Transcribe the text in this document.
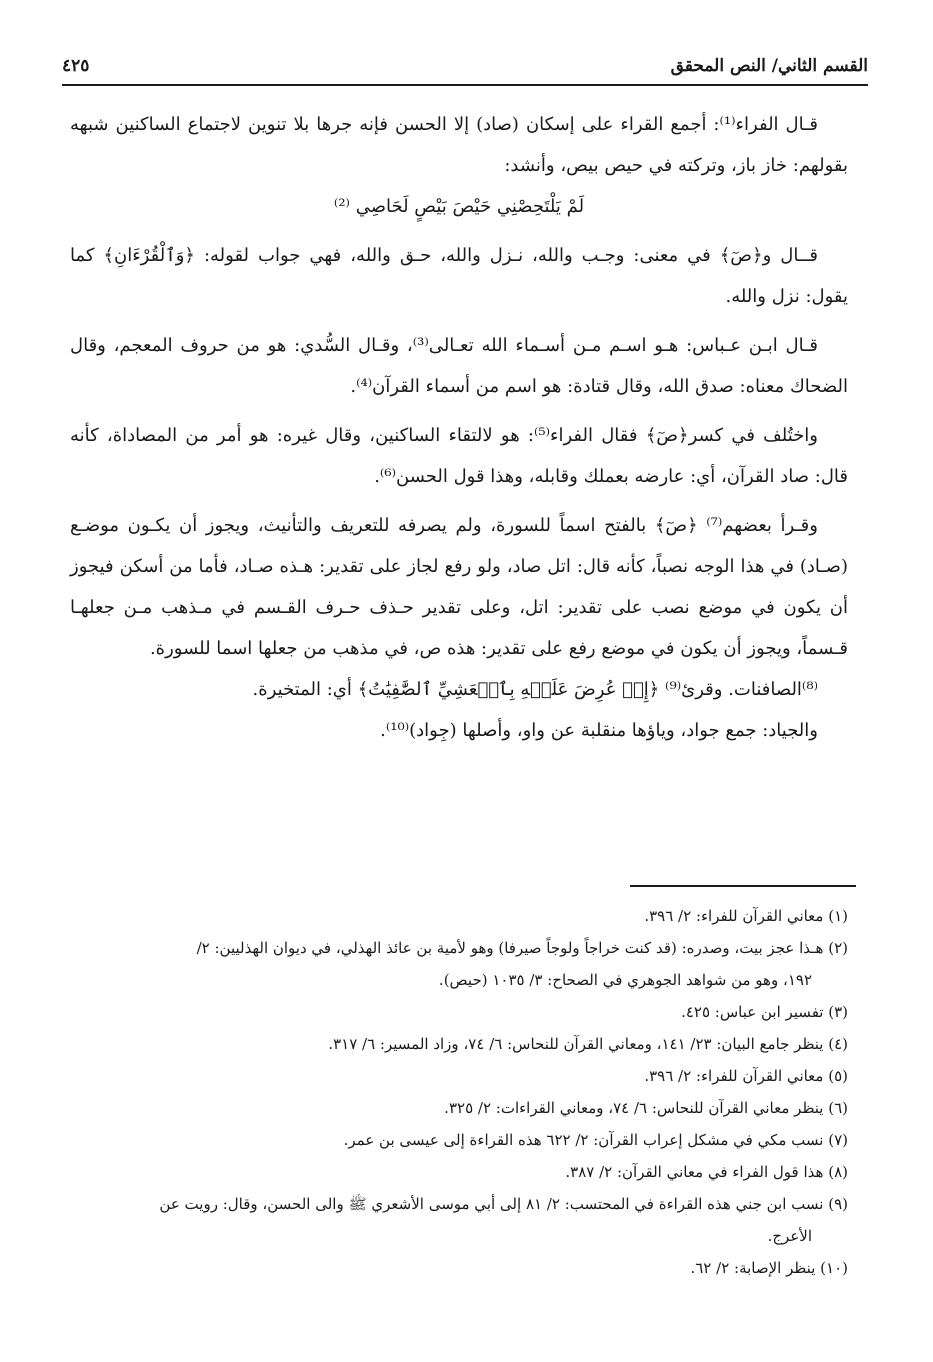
القسم الثاني/ النص المحقق
٤٢٥

قـال الفراء⁽¹⁾: أجمع القراء على إسكان (صاد) إلا الحسن فإنه جرها بلا تنوين لاجتماع الساكنين شبهه بقولهم: خاز باز، وتركته في حيص بيص، وأنشد:

لَمْ يَلْتَحِصْنِي حَيْصَ بَيْصٍ لَحَاصِي ⁽²⁾

قــال و﴿صٓ﴾ في معنى: وجـب والله، نـزل والله، حـق والله، فهي جواب لقوله: ﴿وَٱلْقُرْءَانِ﴾ كما يقول: نزل والله.

قـال ابـن عـباس: هـو اسـم مـن أسـماء الله تعـالى⁽³⁾، وقـال السُّدي: هو من حروف المعجم، وقال الضحاك معناه: صدق الله، وقال قتادة: هو اسم من أسماء القرآن⁽⁴⁾.

واختُلف في كسر﴿صٓ﴾ فقال الفراء⁽⁵⁾: هو لالتقاء الساكنين، وقال غيره: هو أمر من المصاداة، كأنه قال: صاد القرآن، أي: عارضه بعملك وقابله، وهذا قول الحسن⁽⁶⁾.

وقـرأ بعضهم⁽⁷⁾ ﴿صٓ﴾ بالفتح اسماً للسورة، ولم يصرفه للتعريف والتأنيث، ويجوز أن يكـون موضـع (صـاد) في هذا الوجه نصباً، كأنه قال: اتل صاد، ولو رفع لجاز على تقدير: هـذه صـاد، فأما من أسكن فيجوز أن يكون في موضع نصب على تقدير: اتل، وعلى تقدير حـذف حـرف القـسم في مـذهب مـن جعلهـا قـسماً، ويجوز أن يكون في موضع رفع على تقدير: هذه ص، في مذهب من جعلها اسما للسورة.

⁽⁸⁾الصافنات. وقرئ⁽⁹⁾ ﴿إِذۡ عُرِضَ عَلَيۡهِ بِٱلۡعَشِيِّ ٱلصَّٰفِيَٰتُ﴾ أي: المتخيرة.

والجياد: جمع جواد، وياؤها منقلبة عن واو، وأصلها (جِواد)⁽¹⁰⁾.

(١) معاني القرآن للفراء: ٢/ ٣٩٦.

(٢) هـذا عجز بيت، وصدره: (قد كنت خراجاً ولوجاً صيرفا) وهو لأمية بن عائذ الهذلي، في ديوان الهذليين: ٢/

١٩٢، وهو من شواهد الجوهري في الصحاح: ٣/ ١٠٣٥ (حيص).

(٣) تفسير ابن عباس: ٤٢٥.

(٤) ينظر جامع البيان: ٢٣/ ١٤١، ومعاني القرآن للنحاس: ٦/ ٧٤، وزاد المسير: ٦/ ٣١٧.

(٥) معاني القرآن للفراء: ٢/ ٣٩٦.

(٦) ينظر معاني القرآن للنحاس: ٦/ ٧٤، ومعاني القراءات: ٢/ ٣٢٥.

(٧) نسب مكي في مشكل إعراب القرآن: ٢/ ٦٢٢ هذه القراءة إلى عيسى بن عمر.

(٨) هذا قول الفراء في معاني القرآن: ٢/ ٣٨٧.

(٩) نسب ابن جني هذه القراءة في المحتسب: ٢/ ٨١ إلى أبي موسى الأشعري ﷺ والى الحسن، وقال: رويت عن

الأعرج.

(١٠) ينظر الإصابة: ٢/ ٦٢.
